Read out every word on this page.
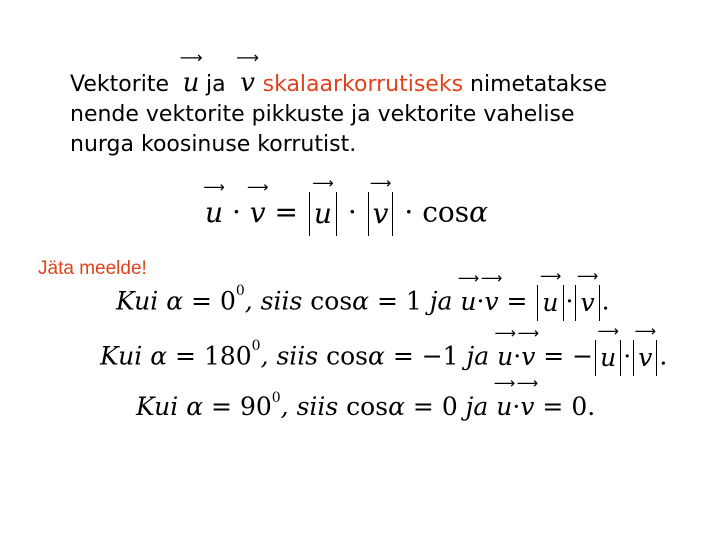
Vektorite
⟶
u ja
⟶
v skalaarkorrutiseks nimetatakse
nende vektorite pikkuste ja vektorite vahelise
nurga koosinuse korrutist.
⟶
u ·
⟶
v =
⟶
u ·
⟶
v · cosα
Jäta meelde!
Kui $\alpha = 0^0$, siis cosα = 1 ja
⟶
u·
⟶
v =
⟶
u ·
⟶
v .
Kui $\alpha = 180^0$, siis cosα = −1 ja
⟶
u·
⟶
v = −
⟶
u ·
⟶
v .
Kui $\alpha = 90^0$, siis cosα = 0 ja
⟶
u·
⟶
v = 0.
